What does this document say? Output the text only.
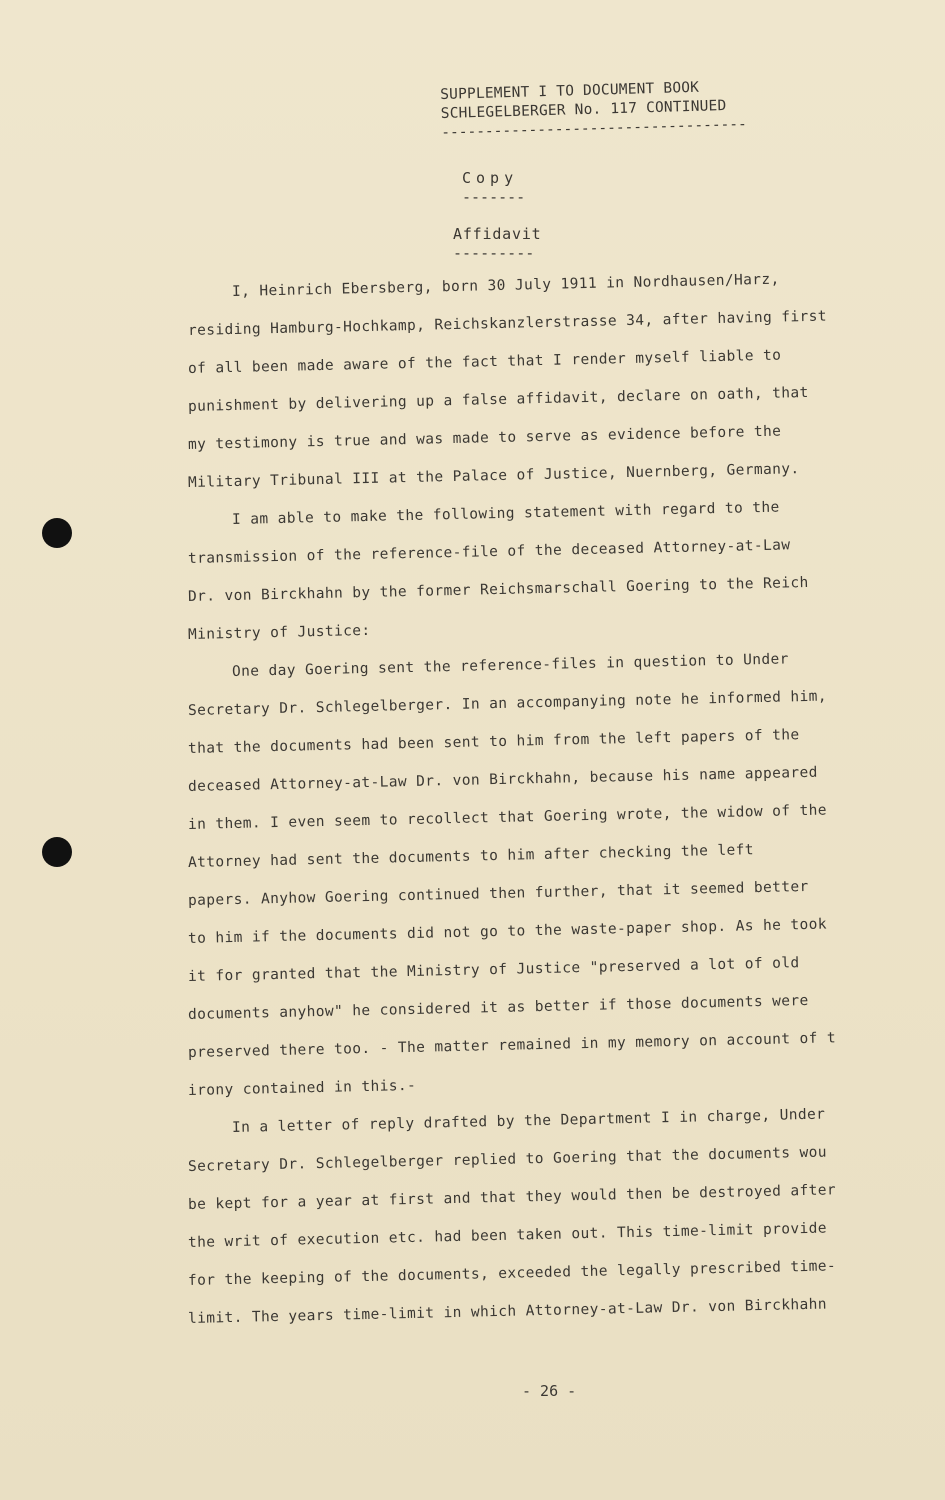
SUPPLEMENT I TO DOCUMENT BOOK
SCHLEGELBERGER No. 117 CONTINUED
-----------------------------------
Copy
-------
Affidavit
---------
I, Heinrich Ebersberg, born 30 July 1911 in Nordhausen/Harz,
residing Hamburg-Hochkamp, Reichskanzlerstrasse 34, after having first
of all been made aware of the fact that I render myself liable to
punishment by delivering up a false affidavit, declare on oath, that
my testimony is true and was made to serve as evidence before the
Military Tribunal III at the Palace of Justice, Nuernberg, Germany.
I am able to make the following statement with regard to the
transmission of the reference-file of the deceased Attorney-at-Law
Dr. von Birckhahn by the former Reichsmarschall Goering to the Reich
Ministry of Justice:
One day Goering sent the reference-files in question to Under
Secretary Dr. Schlegelberger. In an accompanying note he informed him,
that the documents had been sent to him from the left papers of the
deceased Attorney-at-Law Dr. von Birckhahn, because his name appeared
in them. I even seem to recollect that Goering wrote, the widow of the
Attorney had sent the documents to him after checking the left
papers. Anyhow Goering continued then further, that it seemed better
to him if the documents did not go to the waste-paper shop. As he took
it for granted that the Ministry of Justice "preserved a lot of old
documents anyhow" he considered it as better if those documents were
preserved there too. - The matter remained in my memory on account of t
irony contained in this.-
In a letter of reply drafted by the Department I in charge, Under
Secretary Dr. Schlegelberger replied to Goering that the documents wou
be kept for a year at first and that they would then be destroyed after
the writ of execution etc. had been taken out. This time-limit provide
for the keeping of the documents, exceeded the legally prescribed time-
limit. The years time-limit in which Attorney-at-Law Dr. von Birckhahn
- 26 -
